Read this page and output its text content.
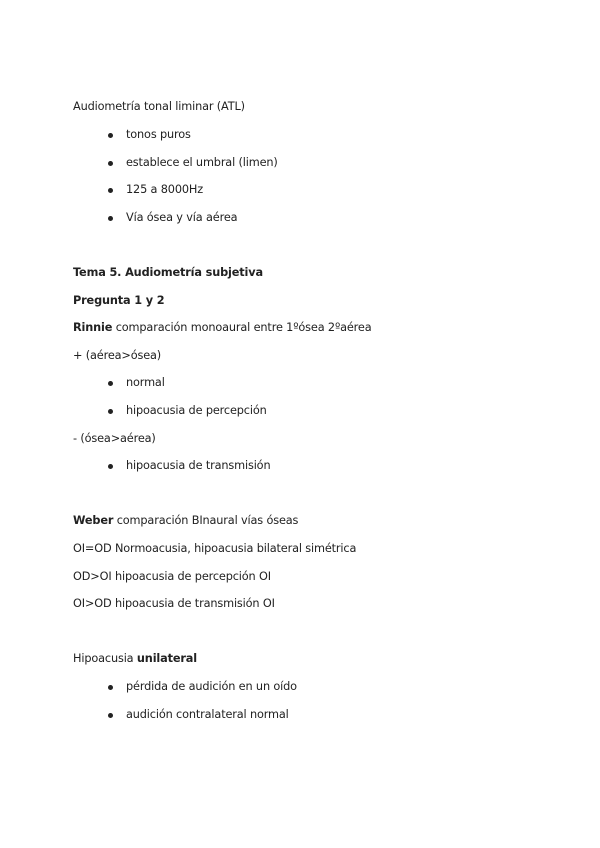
Audiometría tonal liminar (ATL)
tonos puros
establece el umbral (limen)
125 a 8000Hz
Vía ósea y vía aérea
Tema 5. Audiometría subjetiva
Pregunta 1 y 2
Rinnie comparación monoaural entre 1ºósea 2ºaérea
+ (aérea>ósea)
normal
hipoacusia de percepción
- (ósea>aérea)
hipoacusia de transmisión
Weber comparación BInaural vías óseas
OI=OD Normoacusia, hipoacusia bilateral simétrica
OD>OI hipoacusia de percepción OI
OI>OD hipoacusia de transmisión OI
Hipoacusia unilateral
pérdida de audición en un oído
audición contralateral normal
